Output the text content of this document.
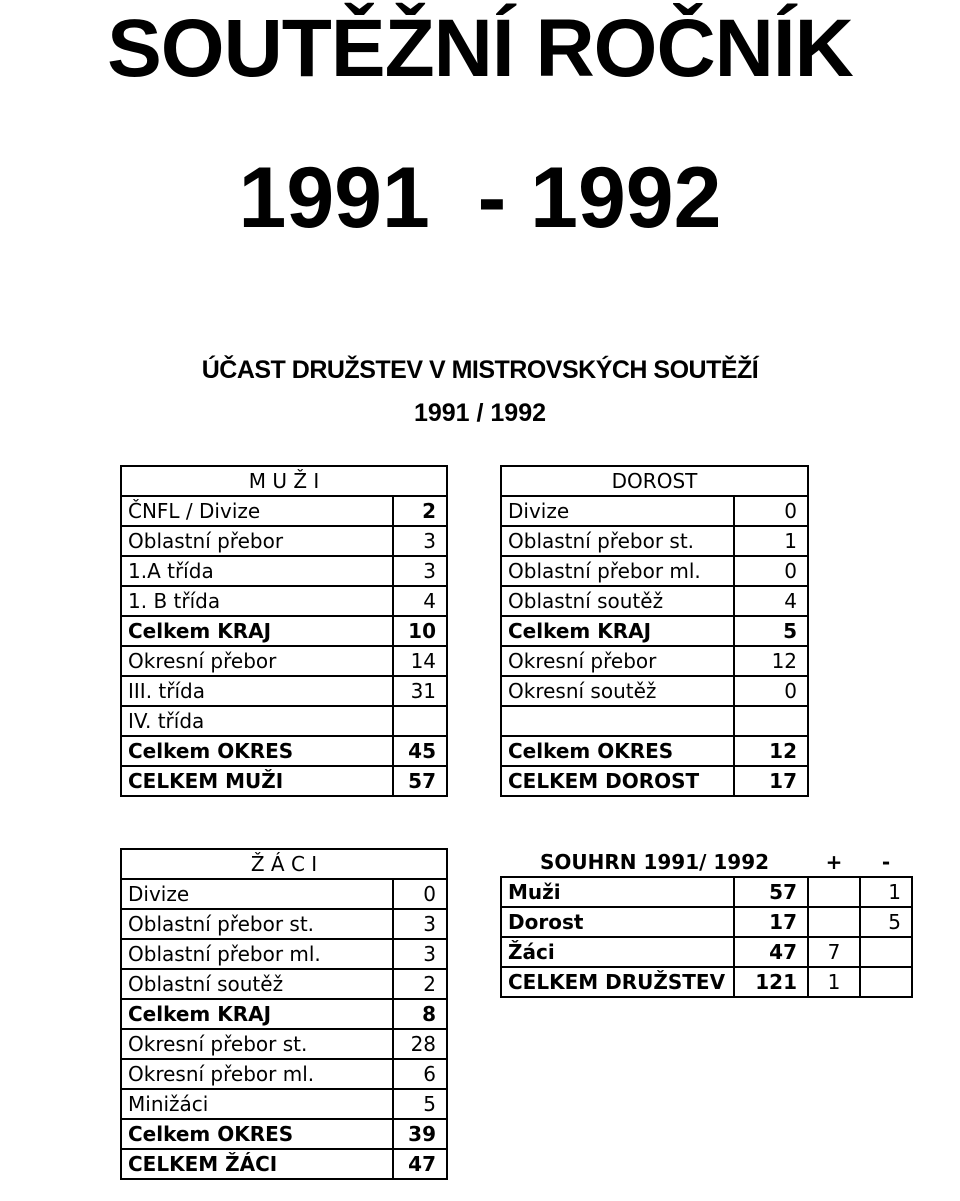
SOUTĚŽNÍ ROČNÍK
1991  - 1992
ÚČAST DRUŽSTEV V MISTROVSKÝCH SOUTĚŽÍ
1991 / 1992
M U Ž I	
ČNFL / Divize	2
Oblastní přebor	3
1.A třída	3
1. B třída	4
Celkem KRAJ	10
Okresní přebor	14
III. třída	31
IV. třída	
Celkem OKRES	45
CELKEM MUŽI	57
DOROST	
Divize	0
Oblastní přebor st.	1
Oblastní přebor ml.	0
Oblastní soutěž	4
Celkem KRAJ	5
Okresní přebor	12
Okresní soutěž	0

Celkem OKRES	12
CELKEM DOROST	17
Ž Á C I	
Divize	0
Oblastní přebor st.	3
Oblastní přebor ml.	3
Oblastní soutěž	2
Celkem KRAJ	8
Okresní přebor st.	28
Okresní přebor ml.	6
Minižáci	5
Celkem OKRES	39
CELKEM ŽÁCI	47
SOUHRN 1991/ 1992		+	-
Muži	57		1
Dorost	17		5
Žáci	47	7	
CELKEM DRUŽSTEV	121	1	
